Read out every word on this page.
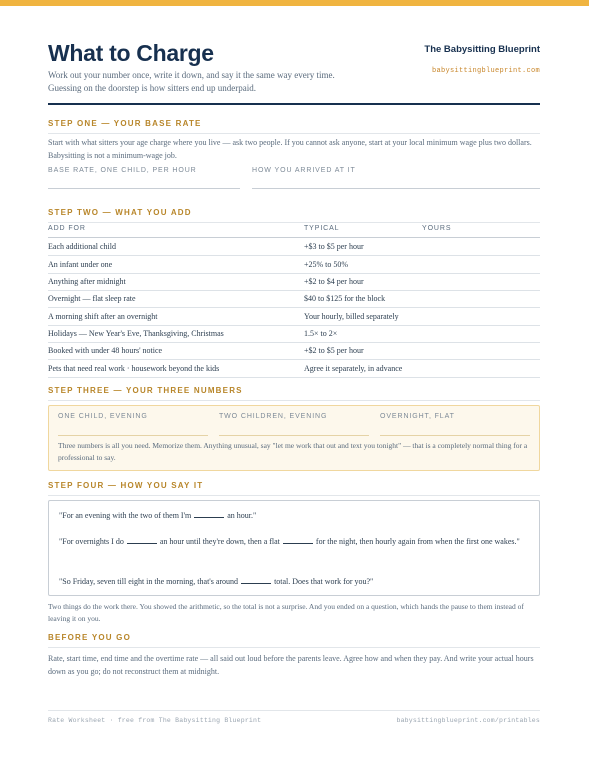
What to Charge
Work out your number once, write it down, and say it the same way every time.
Guessing on the doorstep is how sitters end up underpaid.
The Babysitting Blueprint
babysittingblueprint.com
STEP ONE — YOUR BASE RATE
Start with what sitters your age charge where you live — ask two people. If you cannot ask anyone, start at your local minimum wage plus two dollars. Babysitting is not a minimum-wage job.
BASE RATE, ONE CHILD, PER HOUR	HOW YOU ARRIVED AT IT
STEP TWO — WHAT YOU ADD
ADD FOR	TYPICAL	YOURS
Each additional child	+$3 to $5 per hour
An infant under one	+25% to 50%
Anything after midnight	+$2 to $4 per hour
Overnight — flat sleep rate	$40 to $125 for the block
A morning shift after an overnight	Your hourly, billed separately
Holidays — New Year's Eve, Thanksgiving, Christmas	1.5× to 2×
Booked with under 48 hours' notice	+$2 to $5 per hour
Pets that need real work · housework beyond the kids	Agree it separately, in advance
STEP THREE — YOUR THREE NUMBERS
ONE CHILD, EVENING	TWO CHILDREN, EVENING	OVERNIGHT, FLAT
Three numbers is all you need. Memorize them. Anything unusual, say "let me work that out and text you tonight" — that is a completely normal thing for a professional to say.
STEP FOUR — HOW YOU SAY IT
"For an evening with the two of them I'm	an hour."
"For overnights I do	an hour until they're down, then a flat	for the night, then hourly again from when the first one wakes."
"So Friday, seven till eight in the morning, that's around	total. Does that work for you?"
Two things do the work there. You showed the arithmetic, so the total is not a surprise. And you ended on a question, which hands the pause to them instead of leaving it on you.
BEFORE YOU GO
Rate, start time, end time and the overtime rate — all said out loud before the parents leave. Agree how and when they pay. And write your actual hours down as you go; do not reconstruct them at midnight.
Rate Worksheet · free from The Babysitting Blueprint	babysittingblueprint.com/printables
